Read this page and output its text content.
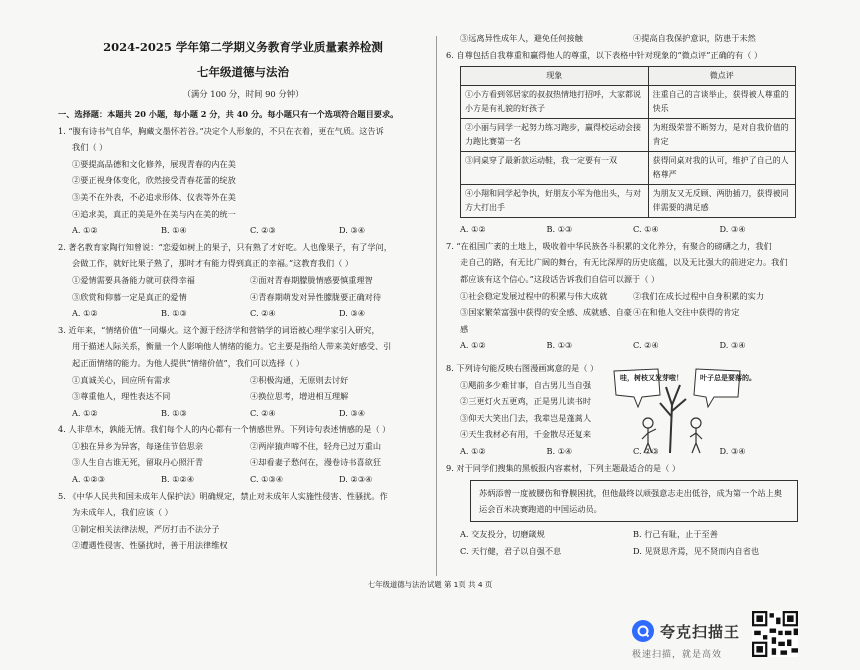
2024-2025 学年第二学期义务教育学业质量素养检测
七年级道德与法治
（满分 100 分，时间 90 分钟）
一、选择题：本题共 20 小题，每小题 2 分，共 40 分。每小题只有一个选项符合题目要求。
1. “腹有诗书气自华，胸藏文墨怀若谷。”决定个人形象的，不只在衣着，更在气质。这告诉
我们（ ）
①要提高品德和文化修养，展现青春的内在美
②要正视身体变化，欣然接受青春花蕾的绽放
③美不在外表，不必追求形体、仪表等外在美
④追求美，真正的美是外在美与内在美的统一
A. ①②	B. ①④	C. ②③	D. ③④
2. 著名教育家陶行知曾说：“恋爱如树上的果子，只有熟了才好吃。人也像果子，有了学问，
会做工作，就好比果子熟了，那时才有能力得到真正的幸福。”这教育我们（ ）
①爱情需要具备能力就可获得幸福	②面对青春期朦胧情感要慎重理智
③欣赏和仰慕一定是真正的爱情	④青春期萌发对异性朦胧要正确对待
A. ①②	B. ①③	C. ②④	D. ③④
3. 近年来，“情绪价值”一同爆火。这个源于经济学和营销学的词语被心理学家引入研究，
用于描述人际关系，衡量一个人影响他人情绪的能力。它主要是指给人带来美好感受、引
起正面情绪的能力。为他人提供“情绪价值”，我们可以选择（ ）
①真诚关心，回应所有需求	②积极沟通，无原则去讨好
③尊重他人，理性表达不同	④换位思考，增进相互理解
A. ①②	B. ①③	C. ②④	D. ③④
4. 人非草木，孰能无情。我们每个人的内心都有一个情感世界。下列诗句表述情感的是（ ）
①独在异乡为异客，每逢佳节倍思亲	②两岸猿声啼不住，轻舟已过万重山
③人生自古谁无死，留取丹心照汗青	④却看妻子愁何在，漫卷诗书喜欲狂
A. ①②③	B. ①②④	C. ①③④	D. ②③④
5. 《中华人民共和国未成年人保护法》明确规定，禁止对未成年人实施性侵害、性骚扰。作
为未成年人，我们应该（ ）
①制定相关法律法规，严厉打击不法分子
②遭遇性侵害、性骚扰时，善于用法律维权
③远离异性成年人，避免任何接触	④提高自我保护意识，防患于未然
6. 自尊包括自我尊重和赢得他人的尊重，以下表格中针对现象的“微点评”正确的有（ ）
现象	微点评
①小方看到邻居家的叔叔热情地打招呼，大家都说小方是有礼貌的好孩子	注重自己的言谈举止，获得被人尊重的快乐
②小丽与同学一起努力练习跑步，赢得校运动会接力跑比赛第一名	为班级荣誉不断努力，是对自我价值的肯定
③同桌穿了最新款运动鞋，我一定要有一双	获得同桌对我的认可，维护了自己的人格尊严
④小翔和同学起争执，好朋友小军为他出头，与对方大打出手	为朋友又无反顾、两肋插刀，获得被同伴需要的满足感
A. ①②	B. ①③	C. ①④	D. ③④
7. “在祖国广袤的土地上，吸收着中华民族各斗积累的文化养分，有聚合的磅礴之力，我们
走自己的路，有无比广阔的舞台，有无比深厚的历史底蕴，以及无比强大的前进定力。我们
都应该有这个信心。”这段话告诉我们自信可以源于（ ）
①社会稳定发展过程中的积累与伟大成就	②我们在成长过程中自身积累的实力
③国家繁荣富强中获得的安全感、成就感、自豪感
④在和他人交往中获得的肯定
A. ①②	B. ①③	C. ②④	D. ③④
8. 下列诗句能反映右图漫画寓意的是（ ）
①飓前多少难甘事，自古男儿当自强
②三更灯火五更鸡，正是男儿读书时
③仰天大笑出门去，我辈岂是蓬蒿人
④天生我材必有用，千金散尽还复来
A. ①②	B. ①④	C. ②③	D. ③④
9. 对于同学们搜集的黑板报内容素材，下列主题最适合的是（ ）
苏炳添曾一度被腰伤和脊膜困扰，但他最终以顽强意志走出低谷，成为第一个站上奥运会百米决赛跑道的中国运动员。
A. 交友投分，切磨箴规	B. 行己有耻，止于至善
C. 天行健，君子以自强不息	D. 见贤思齐焉，见不贤而内自省也
哇，树枝又发芽啦！ 叶子总是要落的。
七年级道德与法治试题 第 1页 共 4 页
夸克扫描王
极速扫描，就是高效
